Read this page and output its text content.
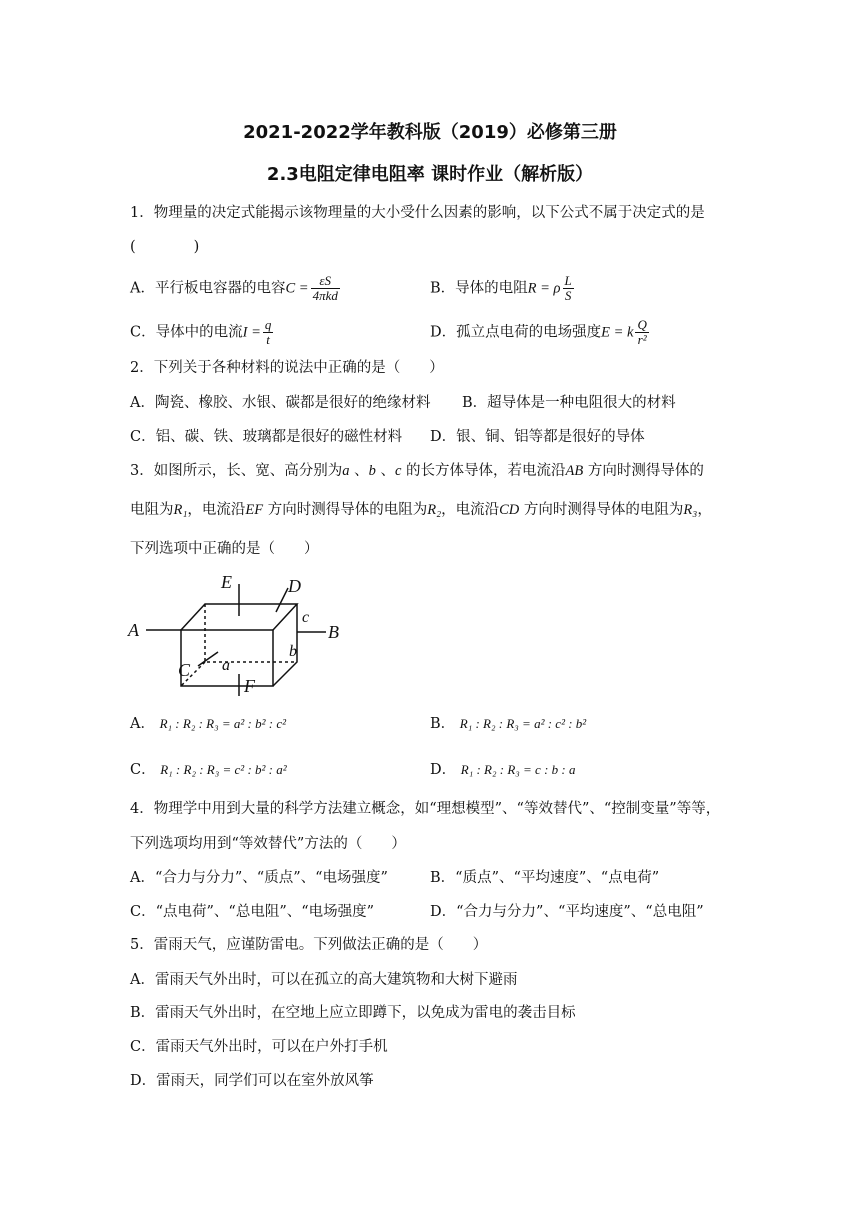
2021-2022学年教科版（2019）必修第三册
2.3电阻定律电阻率 课时作业（解析版）
1．物理量的决定式能揭示该物理量的大小受什么因素的影响，以下公式不属于决定式的是
(　　　　)
A．平行板电容器的电容$C = \frac{\varepsilon S}{\text{4πkd}}$	B．导体的电阻R = ρ $\frac{L}{S}$
C．导体中的电流$I = \frac{q}{t}$	D．孤立点电荷的电场强度E = k $\frac{Q}{\text{r²}}$
2．下列关于各种材料的说法中正确的是（　　）
A．陶瓷、橡胶、水银、碳都是很好的绝缘材料 B．超导体是一种电阻很大的材料
C．铝、碳、铁、玻璃都是很好的磁性材料 D．银、铜、铝等都是很好的导体
3．如图所示，长、宽、高分别为a 、b 、c 的长方体导体，若电流沿AB 方向时测得导体的
电阻为R₁，电流沿EF 方向时测得导体的电阻为R₂，电流沿CD 方向时测得导体的电阻为R₃，
下列选项中正确的是（　　）
A	B
C
D
E
F
a
b
c
A． R₁ : R₂ : R₃ = a² : b² : c²	B． R₁ : R₂ : R₃ = a² : c² : b²
C． R₁ : R₂ : R₃ = c² : b² : a²	D． R₁ : R₂ : R₃ = c : b : a
4．物理学中用到大量的科学方法建立概念，如“理想模型”、“等效替代”、“控制变量”等等，
下列选项均用到“等效替代”方法的（　　）
A．“合力与分力”、“质点”、“电场强度”	B．“质点”、“平均速度”、“点电荷”
C．“点电荷”、“总电阻”、“电场强度”	D．“合力与分力”、“平均速度”、“总电阻”
5．雷雨天气，应谨防雷电。下列做法正确的是（　　）
A．雷雨天气外出时，可以在孤立的高大建筑物和大树下避雨
B．雷雨天气外出时，在空地上应立即蹲下，以免成为雷电的袭击目标
C．雷雨天气外出时，可以在户外打手机
D．雷雨天，同学们可以在室外放风筝
